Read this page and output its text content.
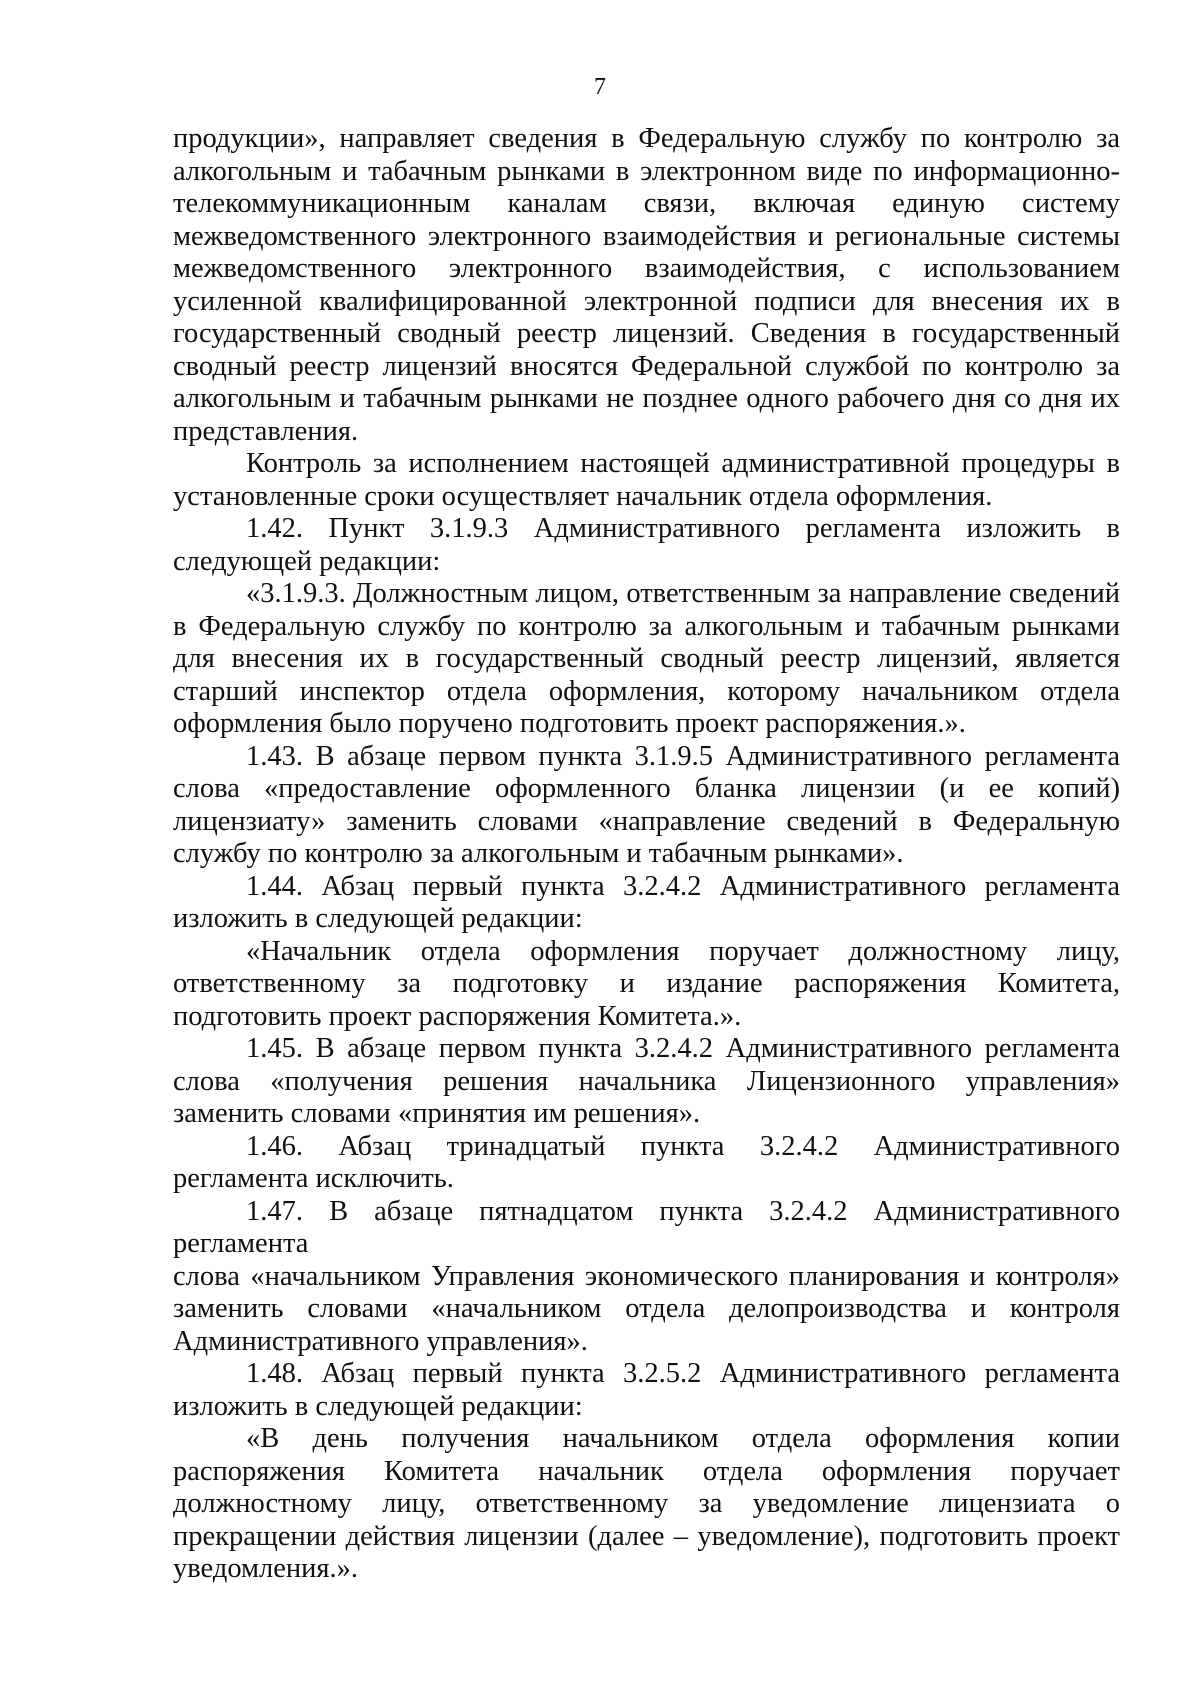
7

продукции», направляет сведения в Федеральную службу по контролю за алкогольным и табачным рынками в электронном виде по информационно-телекоммуникационным каналам связи, включая единую систему межведомственного электронного взаимодействия и региональные системы межведомственного электронного взаимодействия, с использованием усиленной квалифицированной электронной подписи для внесения их в государственный сводный реестр лицензий. Сведения в государственный сводный реестр лицензий вносятся Федеральной службой по контролю за алкогольным и табачным рынками не позднее одного рабочего дня со дня их представления.

Контроль за исполнением настоящей административной процедуры в установленные сроки осуществляет начальник отдела оформления.

1.42. Пункт 3.1.9.3 Административного регламента изложить в следующей редакции:

«3.1.9.3. Должностным лицом, ответственным за направление сведений в Федеральную службу по контролю за алкогольным и табачным рынками для внесения их в государственный сводный реестр лицензий, является старший инспектор отдела оформления, которому начальником отдела оформления было поручено подготовить проект распоряжения.».

1.43. В абзаце первом пункта 3.1.9.5 Административного регламента слова «предоставление оформленного бланка лицензии (и ее копий) лицензиату» заменить словами «направление сведений в Федеральную службу по контролю за алкогольным и табачным рынками».

1.44. Абзац первый пункта 3.2.4.2 Административного регламента изложить в следующей редакции:

«Начальник отдела оформления поручает должностному лицу, ответственному за подготовку и издание распоряжения Комитета, подготовить проект распоряжения Комитета.».

1.45. В абзаце первом пункта 3.2.4.2 Административного регламента слова «получения решения начальника Лицензионного управления» заменить словами «принятия им решения».

1.46. Абзац тринадцатый пункта 3.2.4.2 Административного регламента исключить.

1.47. В абзаце пятнадцатом пункта 3.2.4.2 Административного регламента

слова «начальником Управления экономического планирования и контроля» заменить словами «начальником отдела делопроизводства и контроля Административного управления».

1.48. Абзац первый пункта 3.2.5.2 Административного регламента изложить в следующей редакции:

«В день получения начальником отдела оформления копии распоряжения Комитета начальник отдела оформления поручает должностному лицу, ответственному за уведомление лицензиата о прекращении действия лицензии (далее – уведомление), подготовить проект уведомления.».
